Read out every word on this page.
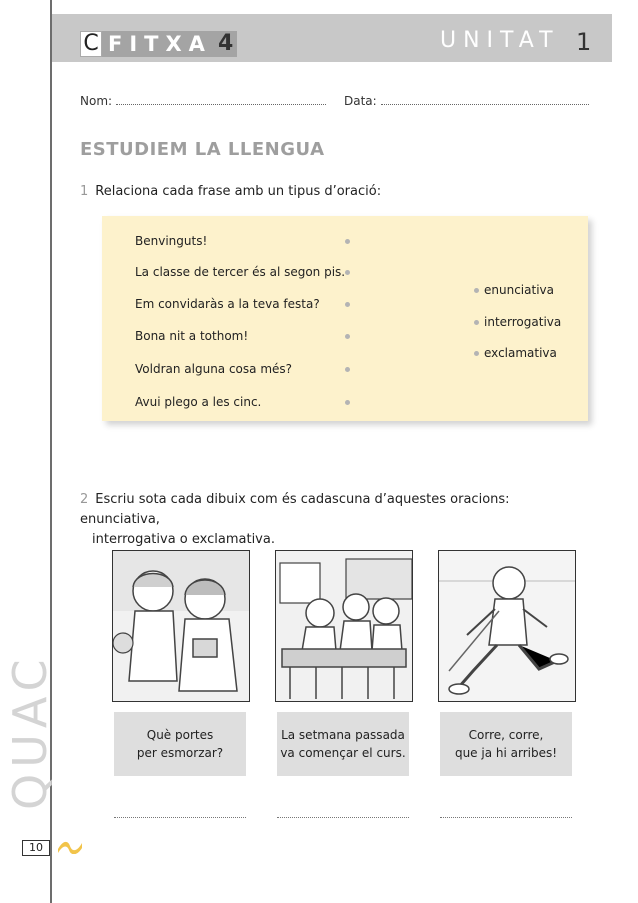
QUAC
10
C FITXA 4	UNITAT 1
Nom:	Data:
ESTUDIEM LA LLENGUA
1 Relaciona cada frase amb un tipus d’oració:
Benvinguts!
La classe de tercer és al segon pis.
Em convidaràs a la teva festa?
Bona nit a tothom!
Voldran alguna cosa més?
Avui plego a les cinc.
enunciativa
interrogativa
exclamativa
2 Escriu sota cada dibuix com és cadascuna d’aquestes oracions: enunciativa,
interrogativa o exclamativa.
Què portes
per esmorzar?
La setmana passada
va començar el curs.
Corre, corre,
que ja hi arribes!
